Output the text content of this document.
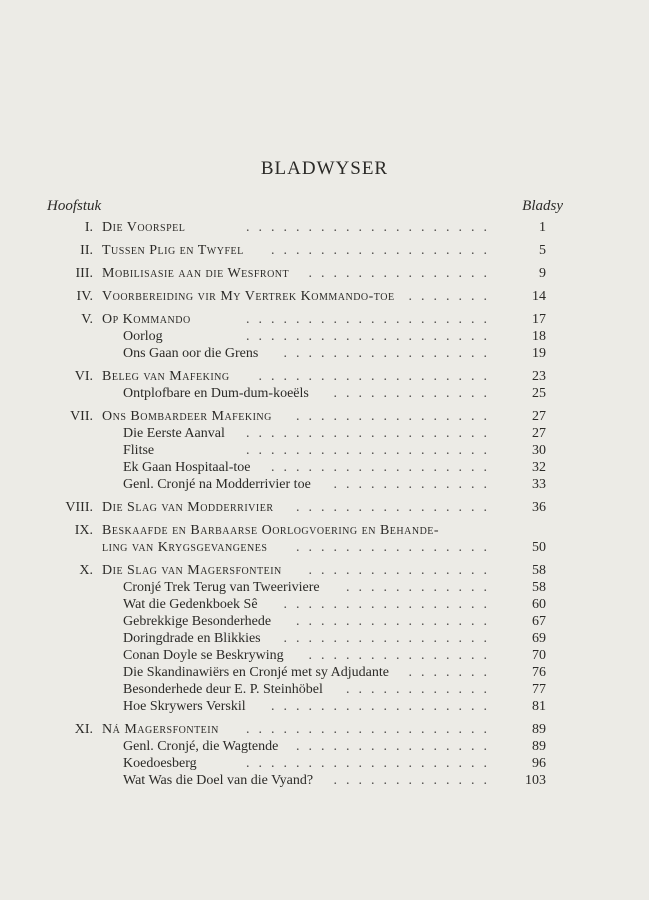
BLADWYSER
Hoofstuk	Bladsy
I. Die Voorspel	....................	1
II. Tussen Plig en Twyfel	..................	5
III. Mobilisasie aan die Wesfront	...............	9
IV. Voorbereiding vir My Vertrek Kommando-toe .......	14
V. Op Kommando	....................	17
Oorlog	....................	18
Ons Gaan oor die Grens	.................	19
VI. Beleg van Mafeking	...................	23
Ontplofbare en Dum-dum-koeëls	.............	25
VII. Ons Bombardeer Mafeking	................	27
Die Eerste Aanval	....................	27
Flitse	....................	30
Ek Gaan Hospitaal-toe	..................	32
Genl. Cronjé na Modderrivier toe	.............	33
VIII. Die Slag van Modderrivier	................	36
IX. Beskaafde en Barbaarse Oorlogvoering en Behande-
ling van Krygsgevangenes	................	50
X. Die Slag van Magersfontein	...............	58
Cronjé Trek Terug van Tweeriviere	............	58
Wat die Gedenkboek Sê	.................	60
Gebrekkige Besonderhede	................	67
Doringdrade en Blikkies	.................	69
Conan Doyle se Beskrywing	...............	70
Die Skandinawiërs en Cronjé met sy Adjudante	.......	76
Besonderhede deur E. P. Steinhöbel	............	77
Hoe Skrywers Verskil	..................	81
XI. Ná Magersfontein	....................	89
Genl. Cronjé, die Wagtende	................	89
Koedoesberg	....................	96
Wat Was die Doel van die Vyand?	.............	103
